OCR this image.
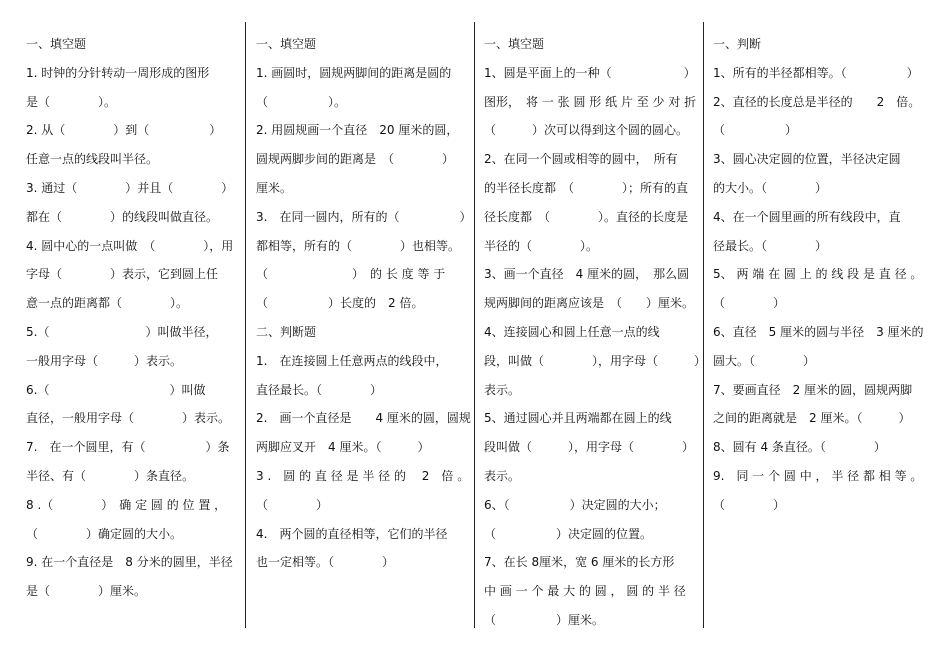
一、填空题
1. 时钟的分针转动一周形成的图形
是（　　　　）。
2. 从（　　　　）到（　　　　　）
任意一点的线段叫半径。
3. 通过（　　　　）并且（　　　　）
都在（　　　　）的线段叫做直径。
4. 圆中心的一点叫做　（　　　　），用
字母（　　　　）表示，它到圆上任
意一点的距离都（　　　　）。
5.（　　　　　　　　）叫做半径，
一般用字母（　　　）表示。
6.（　　　　　　　　　　）叫做
直径，一般用字母（　　　　）表示。
7.　在一个圆里，有（　　　　　）条
半径、有（　　　　）条直径。
8 .（　　　　）　确 定 圆 的 位 置 ，
（　　　　）确定圆的大小。
9. 在一个直径是　8 分米的圆里，半径
是（　　　　）厘米。
一、填空题
1. 画圆时，圆规两脚间的距离是圆的
（　　　　　）。
2. 用圆规画一个直径　20 厘米的圆，
圆规两脚步间的距离是　（　　　　）
厘米。
3.　在同一圆内，所有的（　　　　　）
都相等，所有的（　　　　）也相等。
（　　　　　　　）　的 长 度 等 于
（　　　　　）长度的　2 倍。
二、判断题
1.　在连接圆上任意两点的线段中，
直径最长。（　　　　）
2.　画一个直径是　　4 厘米的圆，圆规
两脚应叉开　4 厘米。（　　　）
3 .　圆 的 直 径 是 半 径 的　 2　倍 。
（　　　　）
4.　两个圆的直径相等，它们的半径
也一定相等。（　　　　）
一、填空题
1、圆是平面上的一种（　　　　　　）
图形，　将 一 张 圆 形 纸 片 至 少 对 折
（　　　）次可以得到这个圆的圆心。
2、在同一个圆或相等的圆中，　所有
的半径长度都　（　　　　）；所有的直
径长度都　（　　　　）。直径的长度是
半径的（　　　　）。
3、画一个直径　4 厘米的圆，　那么圆
规两脚间的距离应该是　（　　）厘米。
4、连接圆心和圆上任意一点的线
段，叫做（　　　　），用字母（　　　）
表示。
5、通过圆心并且两端都在圆上的线
段叫做（　　　），用字母（　　　　）
表示。
6、（　　　　　）决定圆的大小；
（　　　　　）决定圆的位置。
7、在长 8厘米，宽 6 厘米的长方形
中 画 一 个 最 大 的 圆 ， 圆 的 半 径
（　　　　　）厘米。
一、判断
1、所有的半径都相等。（　　　　　）
2、直径的长度总是半径的　　2　倍。
（　　　　　）
3、圆心决定圆的位置，半径决定圆
的大小。（　　　　）
4、在一个圆里画的所有线段中，直
径最长。（　　　　）
5、 两 端 在 圆 上 的 线 段 是 直 径 。
（　　　　）
6、直径　5 厘米的圆与半径　3 厘米的
圆大。（　　　　）
7、要画直径　2 厘米的圆，圆规两脚
之间的距离就是　2 厘米。（　　　）
8、圆有 4 条直径。（　　　　）
9.　同 一 个 圆 中 ， 半 径 都 相 等 。
（　　　　）
